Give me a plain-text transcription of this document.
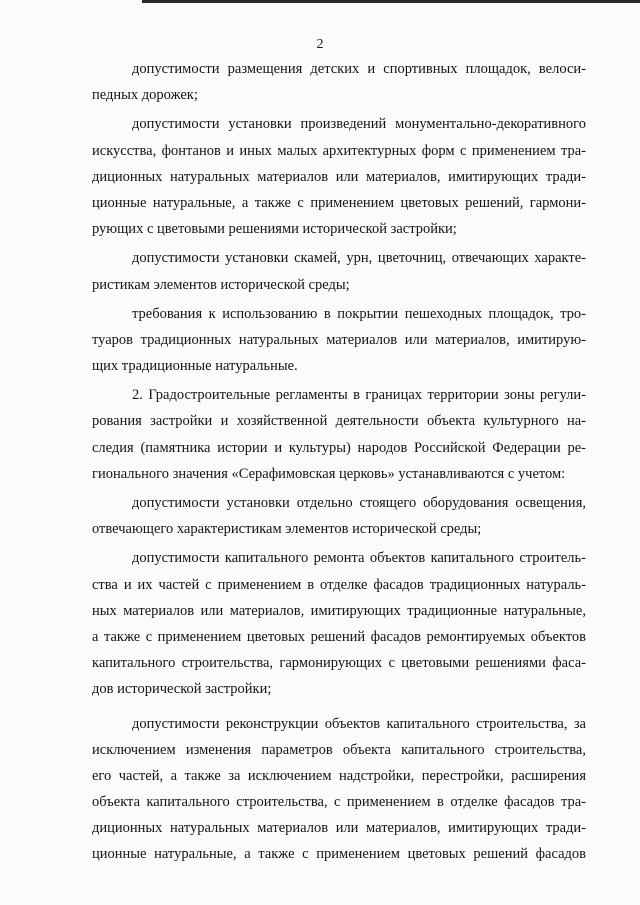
2
допустимости размещения детских и спортивных площадок, велоси-
педных дорожек;
допустимости установки произведений монументально-декоративного
искусства, фонтанов и иных малых архитектурных форм с применением тра-
диционных натуральных материалов или материалов, имитирующих тради-
ционные натуральные, а также с применением цветовых решений, гармони-
рующих с цветовыми решениями исторической застройки;
допустимости установки скамей, урн, цветочниц, отвечающих характе-
ристикам элементов исторической среды;
требования к использованию в покрытии пешеходных площадок, тро-
туаров традиционных натуральных материалов или материалов, имитирую-
щих традиционные натуральные.
2. Градостроительные регламенты в границах территории зоны регули-
рования застройки и хозяйственной деятельности объекта культурного на-
следия (памятника истории и культуры) народов Российской Федерации ре-
гионального значения «Серафимовская церковь» устанавливаются с учетом:
допустимости установки отдельно стоящего оборудования освещения,
отвечающего характеристикам элементов исторической среды;
допустимости капитального ремонта объектов капитального строитель-
ства и их частей с применением в отделке фасадов традиционных натураль-
ных материалов или материалов, имитирующих традиционные натуральные,
а также с применением цветовых решений фасадов ремонтируемых объектов
капитального строительства, гармонирующих с цветовыми решениями фаса-
дов исторической застройки;
допустимости реконструкции объектов капитального строительства, за
исключением изменения параметров объекта капитального строительства,
его частей, а также за исключением надстройки, перестройки, расширения
объекта капитального строительства, с применением в отделке фасадов тра-
диционных натуральных материалов или материалов, имитирующих тради-
ционные натуральные, а также с применением цветовых решений фасадов
